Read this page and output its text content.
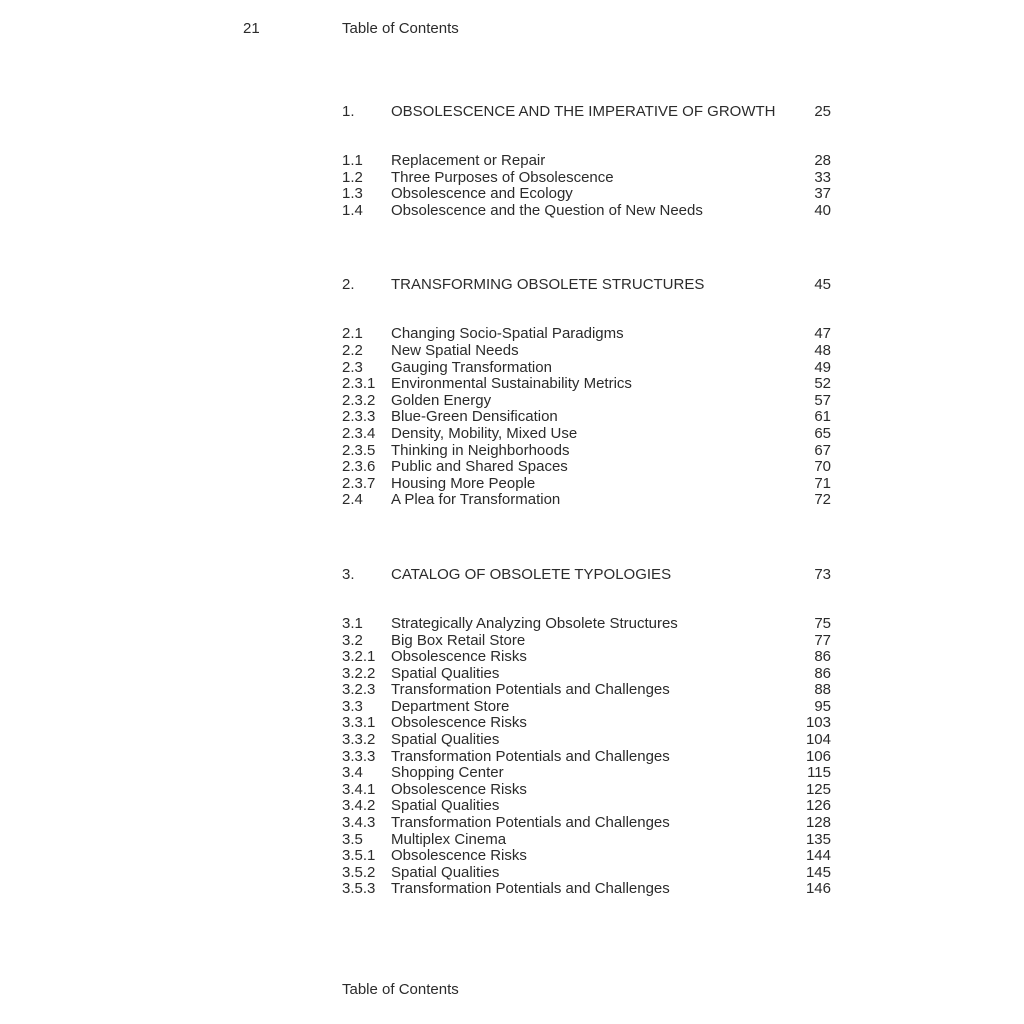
21	Table of Contents
1.	OBSOLESCENCE AND THE IMPERATIVE OF GROWTH	25
1.1	Replacement or Repair	28
1.2	Three Purposes of Obsolescence	33
1.3	Obsolescence and Ecology	37
1.4	Obsolescence and the Question of New Needs	40
2.	TRANSFORMING OBSOLETE STRUCTURES	45
2.1	Changing Socio-Spatial Paradigms	47
2.2	New Spatial Needs	48
2.3	Gauging Transformation	49
2.3.1	Environmental Sustainability Metrics	52
2.3.2	Golden Energy	57
2.3.3	Blue-Green Densification	61
2.3.4	Density, Mobility, Mixed Use	65
2.3.5	Thinking in Neighborhoods	67
2.3.6	Public and Shared Spaces	70
2.3.7	Housing More People	71
2.4	A Plea for Transformation	72
3.	CATALOG OF OBSOLETE TYPOLOGIES	73
3.1	Strategically Analyzing Obsolete Structures	75
3.2	Big Box Retail Store	77
3.2.1	Obsolescence Risks	86
3.2.2	Spatial Qualities	86
3.2.3	Transformation Potentials and Challenges	88
3.3	Department Store	95
3.3.1	Obsolescence Risks	103
3.3.2	Spatial Qualities	104
3.3.3	Transformation Potentials and Challenges	106
3.4	Shopping Center	115
3.4.1	Obsolescence Risks	125
3.4.2	Spatial Qualities	126
3.4.3	Transformation Potentials and Challenges	128
3.5	Multiplex Cinema	135
3.5.1	Obsolescence Risks	144
3.5.2	Spatial Qualities	145
3.5.3	Transformation Potentials and Challenges	146
Table of Contents
